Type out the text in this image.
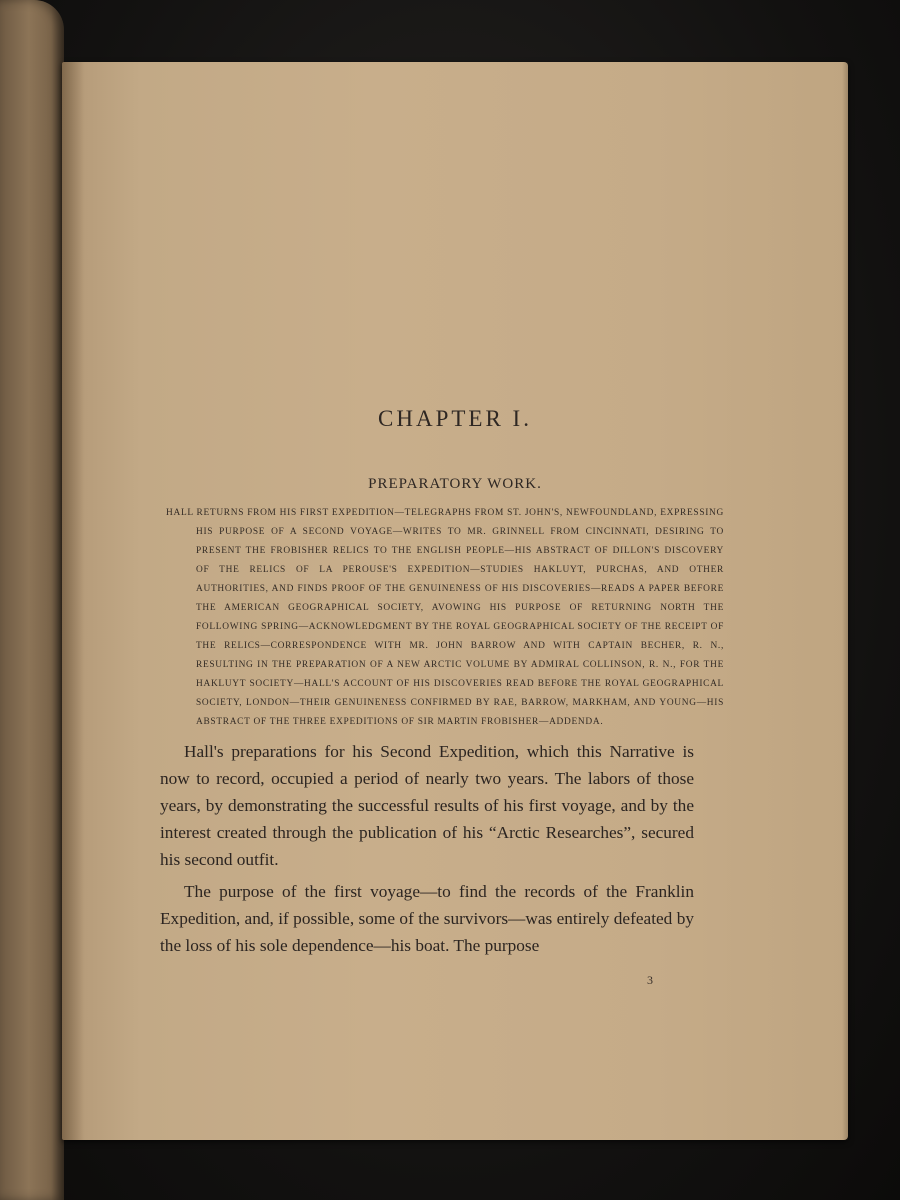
CHAPTER I.
PREPARATORY WORK.
HALL RETURNS FROM HIS FIRST EXPEDITION—TELEGRAPHS FROM ST. JOHN'S, NEWFOUNDLAND, EXPRESSING HIS PURPOSE OF A SECOND VOYAGE—WRITES TO MR. GRINNELL FROM CINCINNATI, DESIRING TO PRESENT THE FROBISHER RELICS TO THE ENGLISH PEOPLE—HIS ABSTRACT OF DILLON'S DISCOVERY OF THE RELICS OF LA PEROUSE'S EXPEDITION—STUDIES HAKLUYT, PURCHAS, AND OTHER AUTHORITIES, AND FINDS PROOF OF THE GENUINENESS OF HIS DISCOVERIES—READS A PAPER BEFORE THE AMERICAN GEOGRAPHICAL SOCIETY, AVOWING HIS PURPOSE OF RETURNING NORTH THE FOLLOWING SPRING—ACKNOWLEDGMENT BY THE ROYAL GEOGRAPHICAL SOCIETY OF THE RECEIPT OF THE RELICS—CORRESPONDENCE WITH MR. JOHN BARROW AND WITH CAPTAIN BECHER, R. N., RESULTING IN THE PREPARATION OF A NEW ARCTIC VOLUME BY ADMIRAL COLLINSON, R. N., FOR THE HAKLUYT SOCIETY—HALL'S ACCOUNT OF HIS DISCOVERIES READ BEFORE THE ROYAL GEOGRAPHICAL SOCIETY, LONDON—THEIR GENUINENESS CONFIRMED BY RAE, BARROW, MARKHAM, AND YOUNG—HIS ABSTRACT OF THE THREE EXPEDITIONS OF SIR MARTIN FROBISHER—ADDENDA.

Hall's preparations for his Second Expedition, which this Narrative is now to record, occupied a period of nearly two years. The labors of those years, by demonstrating the successful results of his first voyage, and by the interest created through the publication of his “Arctic Researches”, secured his second outfit.

The purpose of the first voyage—to find the records of the Franklin Expedition, and, if possible, some of the survivors—was entirely defeated by the loss of his sole dependence—his boat. The purpose

3
